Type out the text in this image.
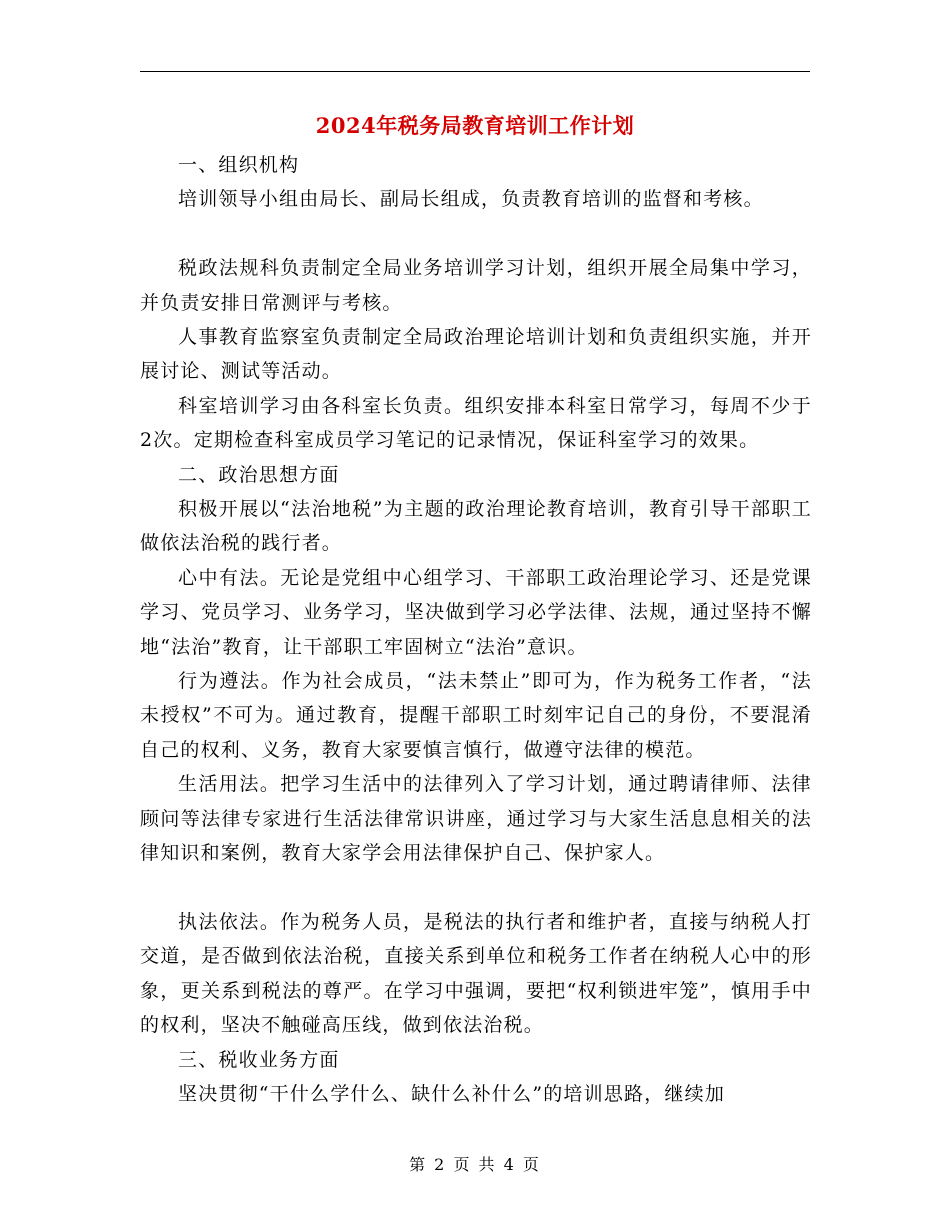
2024年税务局教育培训工作计划

一、组织机构

培训领导小组由局长、副局长组成，负责教育培训的监督和考核。

税政法规科负责制定全局业务培训学习计划，组织开展全局集中学习，并负责安排日常测评与考核。

人事教育监察室负责制定全局政治理论培训计划和负责组织实施，并开展讨论、测试等活动。

科室培训学习由各科室长负责。组织安排本科室日常学习，每周不少于2次。定期检查科室成员学习笔记的记录情况，保证科室学习的效果。

二、政治思想方面

积极开展以“法治地税”为主题的政治理论教育培训，教育引导干部职工做依法治税的践行者。

心中有法。无论是党组中心组学习、干部职工政治理论学习、还是党课学习、党员学习、业务学习，坚决做到学习必学法律、法规，通过坚持不懈地“法治”教育，让干部职工牢固树立“法治”意识。

行为遵法。作为社会成员，“法未禁止”即可为，作为税务工作者，“法未授权”不可为。通过教育，提醒干部职工时刻牢记自己的身份，不要混淆自己的权利、义务，教育大家要慎言慎行，做遵守法律的模范。

生活用法。把学习生活中的法律列入了学习计划，通过聘请律师、法律顾问等法律专家进行生活法律常识讲座，通过学习与大家生活息息相关的法律知识和案例，教育大家学会用法律保护自己、保护家人。

执法依法。作为税务人员，是税法的执行者和维护者，直接与纳税人打交道，是否做到依法治税，直接关系到单位和税务工作者在纳税人心中的形象，更关系到税法的尊严。在学习中强调，要把“权利锁进牢笼”，慎用手中的权利，坚决不触碰高压线，做到依法治税。

三、税收业务方面

坚决贯彻“干什么学什么、缺什么补什么”的培训思路，继续加

第 2 页 共 4 页
